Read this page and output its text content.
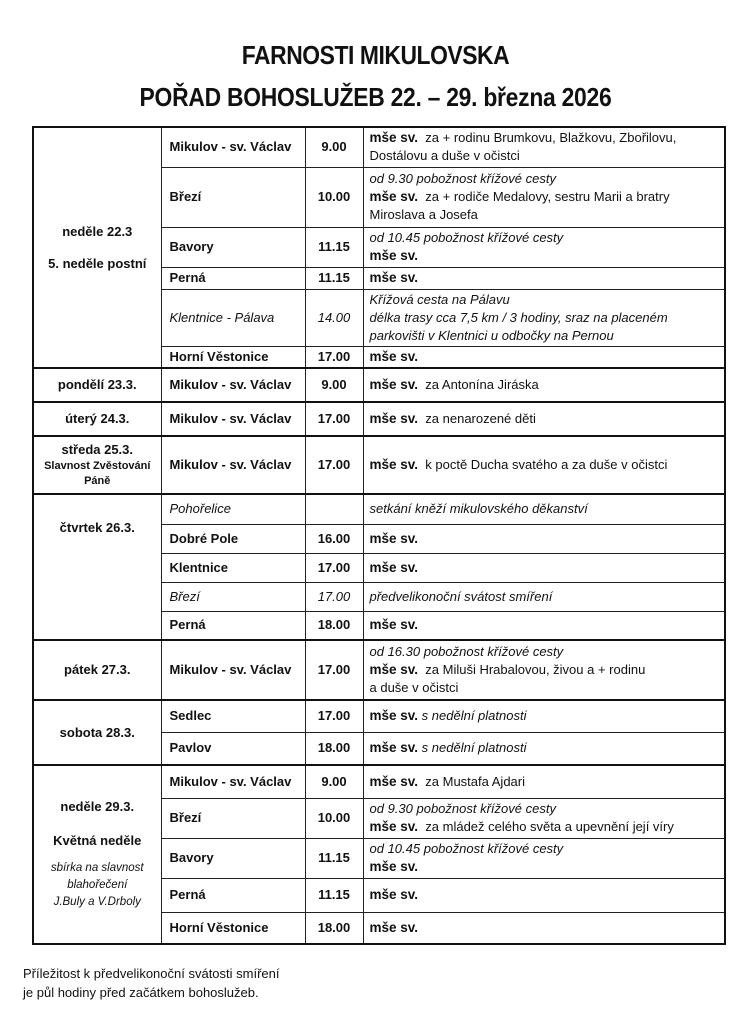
FARNOSTI MIKULOVSKA
POŘAD BOHOSLUŽEB 22. – 29. března 2026
neděle 22.3
5. neděle postní	Mikulov - sv. Václav	9.00	mše sv. za + rodinu Brumkovu, Blažkovu, Zbořilovu,
Dostálovu a duše v očistci
	Březí	10.00	od 9.30 pobožnost křížové cesty
mše sv. za + rodiče Medalovy, sestru Marii a bratry
Miroslava a Josefa
	Bavory	11.15	od 10.45 pobožnost křížové cesty
mše sv.
	Perná	11.15	mše sv.
	Klentnice - Pálava	14.00	Křížová cesta na Pálavu
délka trasy cca 7,5 km / 3 hodiny, sraz na placeném
parkovišti v Klentnici u odbočky na Pernou
	Horní Věstonice	17.00	mše sv.
pondělí 23.3.	Mikulov - sv. Václav	9.00	mše sv. za Antonína Jiráska
úterý 24.3.	Mikulov - sv. Václav	17.00	mše sv. za nenarozené děti

středa 25.3.
Slavnost Zvěstování
Páně	Mikulov - sv. Václav	17.00	mše sv. k poctě Ducha svatého a za duše v očistci
čtvrtek 26.3.	Pohořelice		setkání kněží mikulovského děkanství
	Dobré Pole	16.00	mše sv.
	Klentnice	17.00	mše sv.
	Březí	17.00	předvelikonoční svátost smíření
	Perná	18.00	mše sv.
pátek 27.3.	Mikulov - sv. Václav	17.00	od 16.30 pobožnost křížové cesty
mše sv. za Miluši Hrabalovou, živou a + rodinu
a duše v očistci
sobota 28.3.	Sedlec	17.00	mše sv. s nedělní platnosti
	Pavlov	18.00	mše sv. s nedělní platnosti

neděle 29.3.
Květná neděle
sbírka na slavnost
blahořečení
J.Buly a V.Drboly	Mikulov - sv. Václav	9.00	mše sv. za Mustafa Ajdari
	Březí	10.00	od 9.30 pobožnost křížové cesty
mše sv. za mládež celého světa a upevnění její víry
	Bavory	11.15	od 10.45 pobožnost křížové cesty
mše sv.
	Perná	11.15	mše sv.
	Horní Věstonice	18.00	mše sv.
Příležitost k předvelikonoční svátosti smíření
je půl hodiny před začátkem bohoslužeb.
